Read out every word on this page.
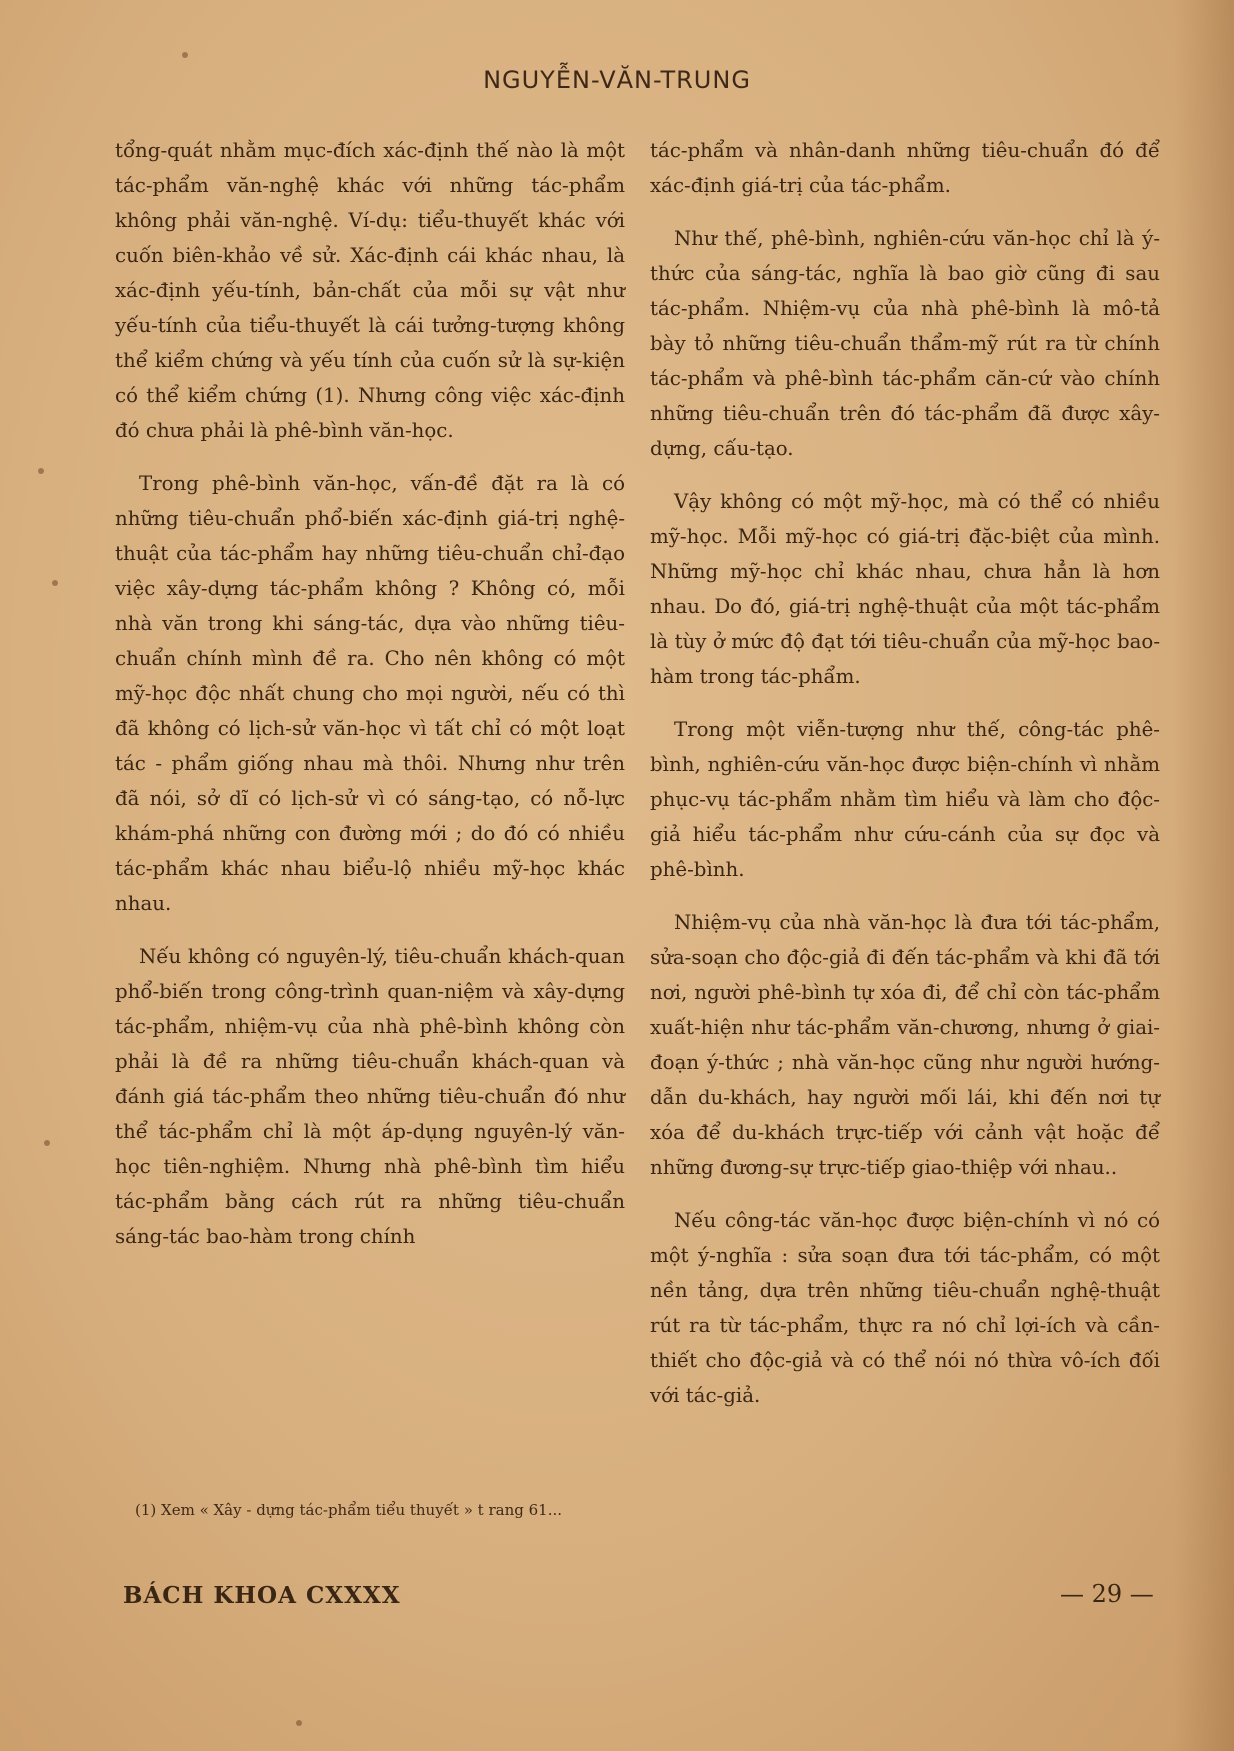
NGUYỄN-VĂN-TRUNG

tổng-quát nhằm mục-đích xác-định thế nào là một tác-phẩm văn-nghệ khác với những tác-phẩm không phải văn-nghệ. Ví-dụ: tiểu-thuyết khác với cuốn biên-khảo về sử. Xác-định cái khác nhau, là xác-định yếu-tính, bản-chất của mỗi sự vật như yếu-tính của tiểu-thuyết là cái tưởng-tượng không thể kiểm chứng và yếu tính của cuốn sử là sự-kiện có thể kiểm chứng (1). Nhưng công việc xác-định đó chưa phải là phê-bình văn-học.

Trong phê-bình văn-học, vấn-đề đặt ra là có những tiêu-chuẩn phổ-biến xác-định giá-trị nghệ-thuật của tác-phẩm hay những tiêu-chuẩn chỉ-đạo việc xây-dựng tác-phẩm không ? Không có, mỗi nhà văn trong khi sáng-tác, dựa vào những tiêu-chuẩn chính mình đề ra. Cho nên không có một mỹ-học độc nhất chung cho mọi người, nếu có thì đã không có lịch-sử văn-học vì tất chỉ có một loạt tác - phẩm giống nhau mà thôi. Nhưng như trên đã nói, sở dĩ có lịch-sử vì có sáng-tạo, có nỗ-lực khám-phá những con đường mới ; do đó có nhiều tác-phẩm khác nhau biểu-lộ nhiều mỹ-học khác nhau.

Nếu không có nguyên-lý, tiêu-chuẩn khách-quan phổ-biến trong công-trình quan-niệm và xây-dựng tác-phẩm, nhiệm-vụ của nhà phê-bình không còn phải là đề ra những tiêu-chuẩn khách-quan và đánh giá tác-phẩm theo những tiêu-chuẩn đó như thể tác-phẩm chỉ là một áp-dụng nguyên-lý văn-học tiên-nghiệm. Nhưng nhà phê-bình tìm hiểu tác-phẩm bằng cách rút ra những tiêu-chuẩn sáng-tác bao-hàm trong chính

tác-phẩm và nhân-danh những tiêu-chuẩn đó để xác-định giá-trị của tác-phẩm.

Như thế, phê-bình, nghiên-cứu văn-học chỉ là ý-thức của sáng-tác, nghĩa là bao giờ cũng đi sau tác-phẩm. Nhiệm-vụ của nhà phê-bình là mô-tả bày tỏ những tiêu-chuẩn thẩm-mỹ rút ra từ chính tác-phẩm và phê-bình tác-phẩm căn-cứ vào chính những tiêu-chuẩn trên đó tác-phẩm đã được xây-dựng, cấu-tạo.

Vậy không có một mỹ-học, mà có thể có nhiều mỹ-học. Mỗi mỹ-học có giá-trị đặc-biệt của mình. Những mỹ-học chỉ khác nhau, chưa hẳn là hơn nhau. Do đó, giá-trị nghệ-thuật của một tác-phẩm là tùy ở mức độ đạt tới tiêu-chuẩn của mỹ-học bao-hàm trong tác-phẩm.

Trong một viễn-tượng như thế, công-tác phê-bình, nghiên-cứu văn-học được biện-chính vì nhằm phục-vụ tác-phẩm nhằm tìm hiểu và làm cho độc-giả hiểu tác-phẩm như cứu-cánh của sự đọc và phê-bình.

Nhiệm-vụ của nhà văn-học là đưa tới tác-phẩm, sửa-soạn cho độc-giả đi đến tác-phẩm và khi đã tới nơi, người phê-bình tự xóa đi, để chỉ còn tác-phẩm xuất-hiện như tác-phẩm văn-chương, nhưng ở giai-đoạn ý-thức ; nhà văn-học cũng như người hướng-dẫn du-khách, hay người mối lái, khi đến nơi tự xóa để du-khách trực-tiếp với cảnh vật hoặc để những đương-sự trực-tiếp giao-thiệp với nhau..

Nếu công-tác văn-học được biện-chính vì nó có một ý-nghĩa : sửa soạn đưa tới tác-phẩm, có một nền tảng, dựa trên những tiêu-chuẩn nghệ-thuật rút ra từ tác-phẩm, thực ra nó chỉ lợi-ích và cần-thiết cho độc-giả và có thể nói nó thừa vô-ích đối với tác-giả.

(1) Xem « Xây - dựng tác-phẩm tiểu thuyết » t rang 61...
BÁCH KHOA CXXXX	— 29 —
